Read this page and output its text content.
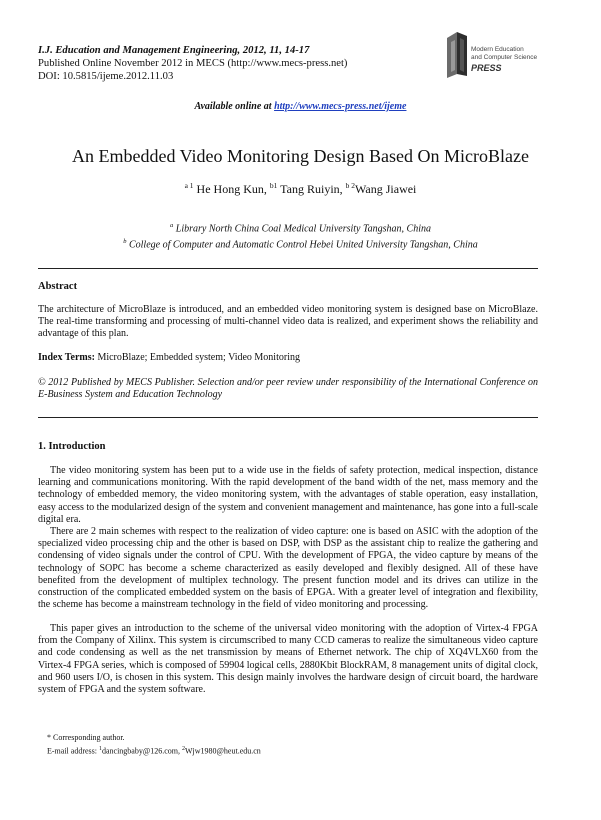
I.J. Education and Management Engineering, 2012, 11, 14-17
Published Online November 2012 in MECS (http://www.mecs-press.net)
DOI: 10.5815/ijeme.2012.11.03
Modern Education
and Computer Science
PRESS
Available online at http://www.mecs-press.net/ijeme
An Embedded Video Monitoring Design Based On MicroBlaze
$^{a 1}$ He Hong Kun, $^{b1}$ Tang Ruiyin, $^{b 2}$Wang Jiawei
$^a$ Library North China Coal Medical University Tangshan, China
$^b$ College of Computer and Automatic Control Hebei United University Tangshan, China
Abstract
The architecture of MicroBlaze is introduced, and an embedded video monitoring system is designed base on MicroBlaze. The real-time transforming and processing of multi-channel video data is realized, and experiment shows the reliability and advantage of this plan.
Index Terms: MicroBlaze; Embedded system; Video Monitoring
© 2012 Published by MECS Publisher. Selection and/or peer review under responsibility of the International Conference on E-Business System and Education Technology
1. Introduction
The video monitoring system has been put to a wide use in the fields of safety protection, medical inspection, distance learning and communications monitoring. With the rapid development of the band width of the net, mass memory and the technology of embedded memory, the video monitoring system, with the advantages of stable operation, easy installation, easy access to the modularized design of the system and convenient management and maintenance, has gone into a full-scale digital era.
There are 2 main schemes with respect to the realization of video capture: one is based on ASIC with the adoption of the specialized video processing chip and the other is based on DSP, with DSP as the assistant chip to realize the gathering and condensing of video signals under the control of CPU. With the development of FPGA, the video capture by means of the technology of SOPC has become a scheme characterized as easily developed and flexibly designed. All of these have benefited from the development of multiplex technology. The present function model and its drives can utilize in the construction of the complicated embedded system on the basis of EPGA. With a greater level of integration and flexibility, the scheme has become a mainstream technology in the field of video monitoring and processing.
This paper gives an introduction to the scheme of the universal video monitoring with the adoption of Virtex-4 FPGA from the Company of Xilinx. This system is circumscribed to many CCD cameras to realize the simultaneous video capture and code condensing as well as the net transmission by means of Ethernet network. The chip of XQ4VLX60 from the Virtex-4 FPGA series, which is composed of 59904 logical cells, 2880Kbit BlockRAM, 8 management units of digital clock, and 960 users I/O, is chosen in this system. This design mainly involves the hardware design of circuit board, the hardware system of FPGA and the system software.
* Corresponding author.
E-mail address: $^1$dancingbaby@126.com, $^2$Wjw1980@heut.edu.cn
